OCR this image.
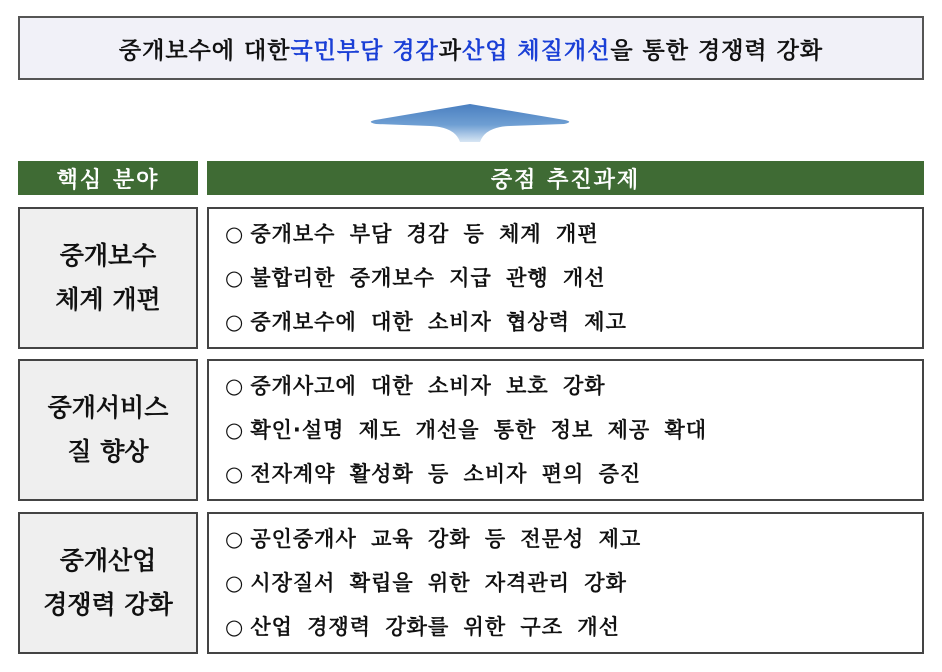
중개보수에 대한 국민부담 경감 과 산업 체질개선 을 통한 경쟁력 강화
핵심 분야	중점 추진과제
중개보수
체계 개편
○ 중개보수 부담 경감 등 체계 개편
○ 불합리한 중개보수 지급 관행 개선
○ 중개보수에 대한 소비자 협상력 제고
중개서비스
질 향상
○ 중개사고에 대한 소비자 보호 강화
○ 확인·설명 제도 개선을 통한 정보 제공 확대
○ 전자계약 활성화 등 소비자 편의 증진
중개산업
경쟁력 강화
○ 공인중개사 교육 강화 등 전문성 제고
○ 시장질서 확립을 위한 자격관리 강화
○ 산업 경쟁력 강화를 위한 구조 개선
